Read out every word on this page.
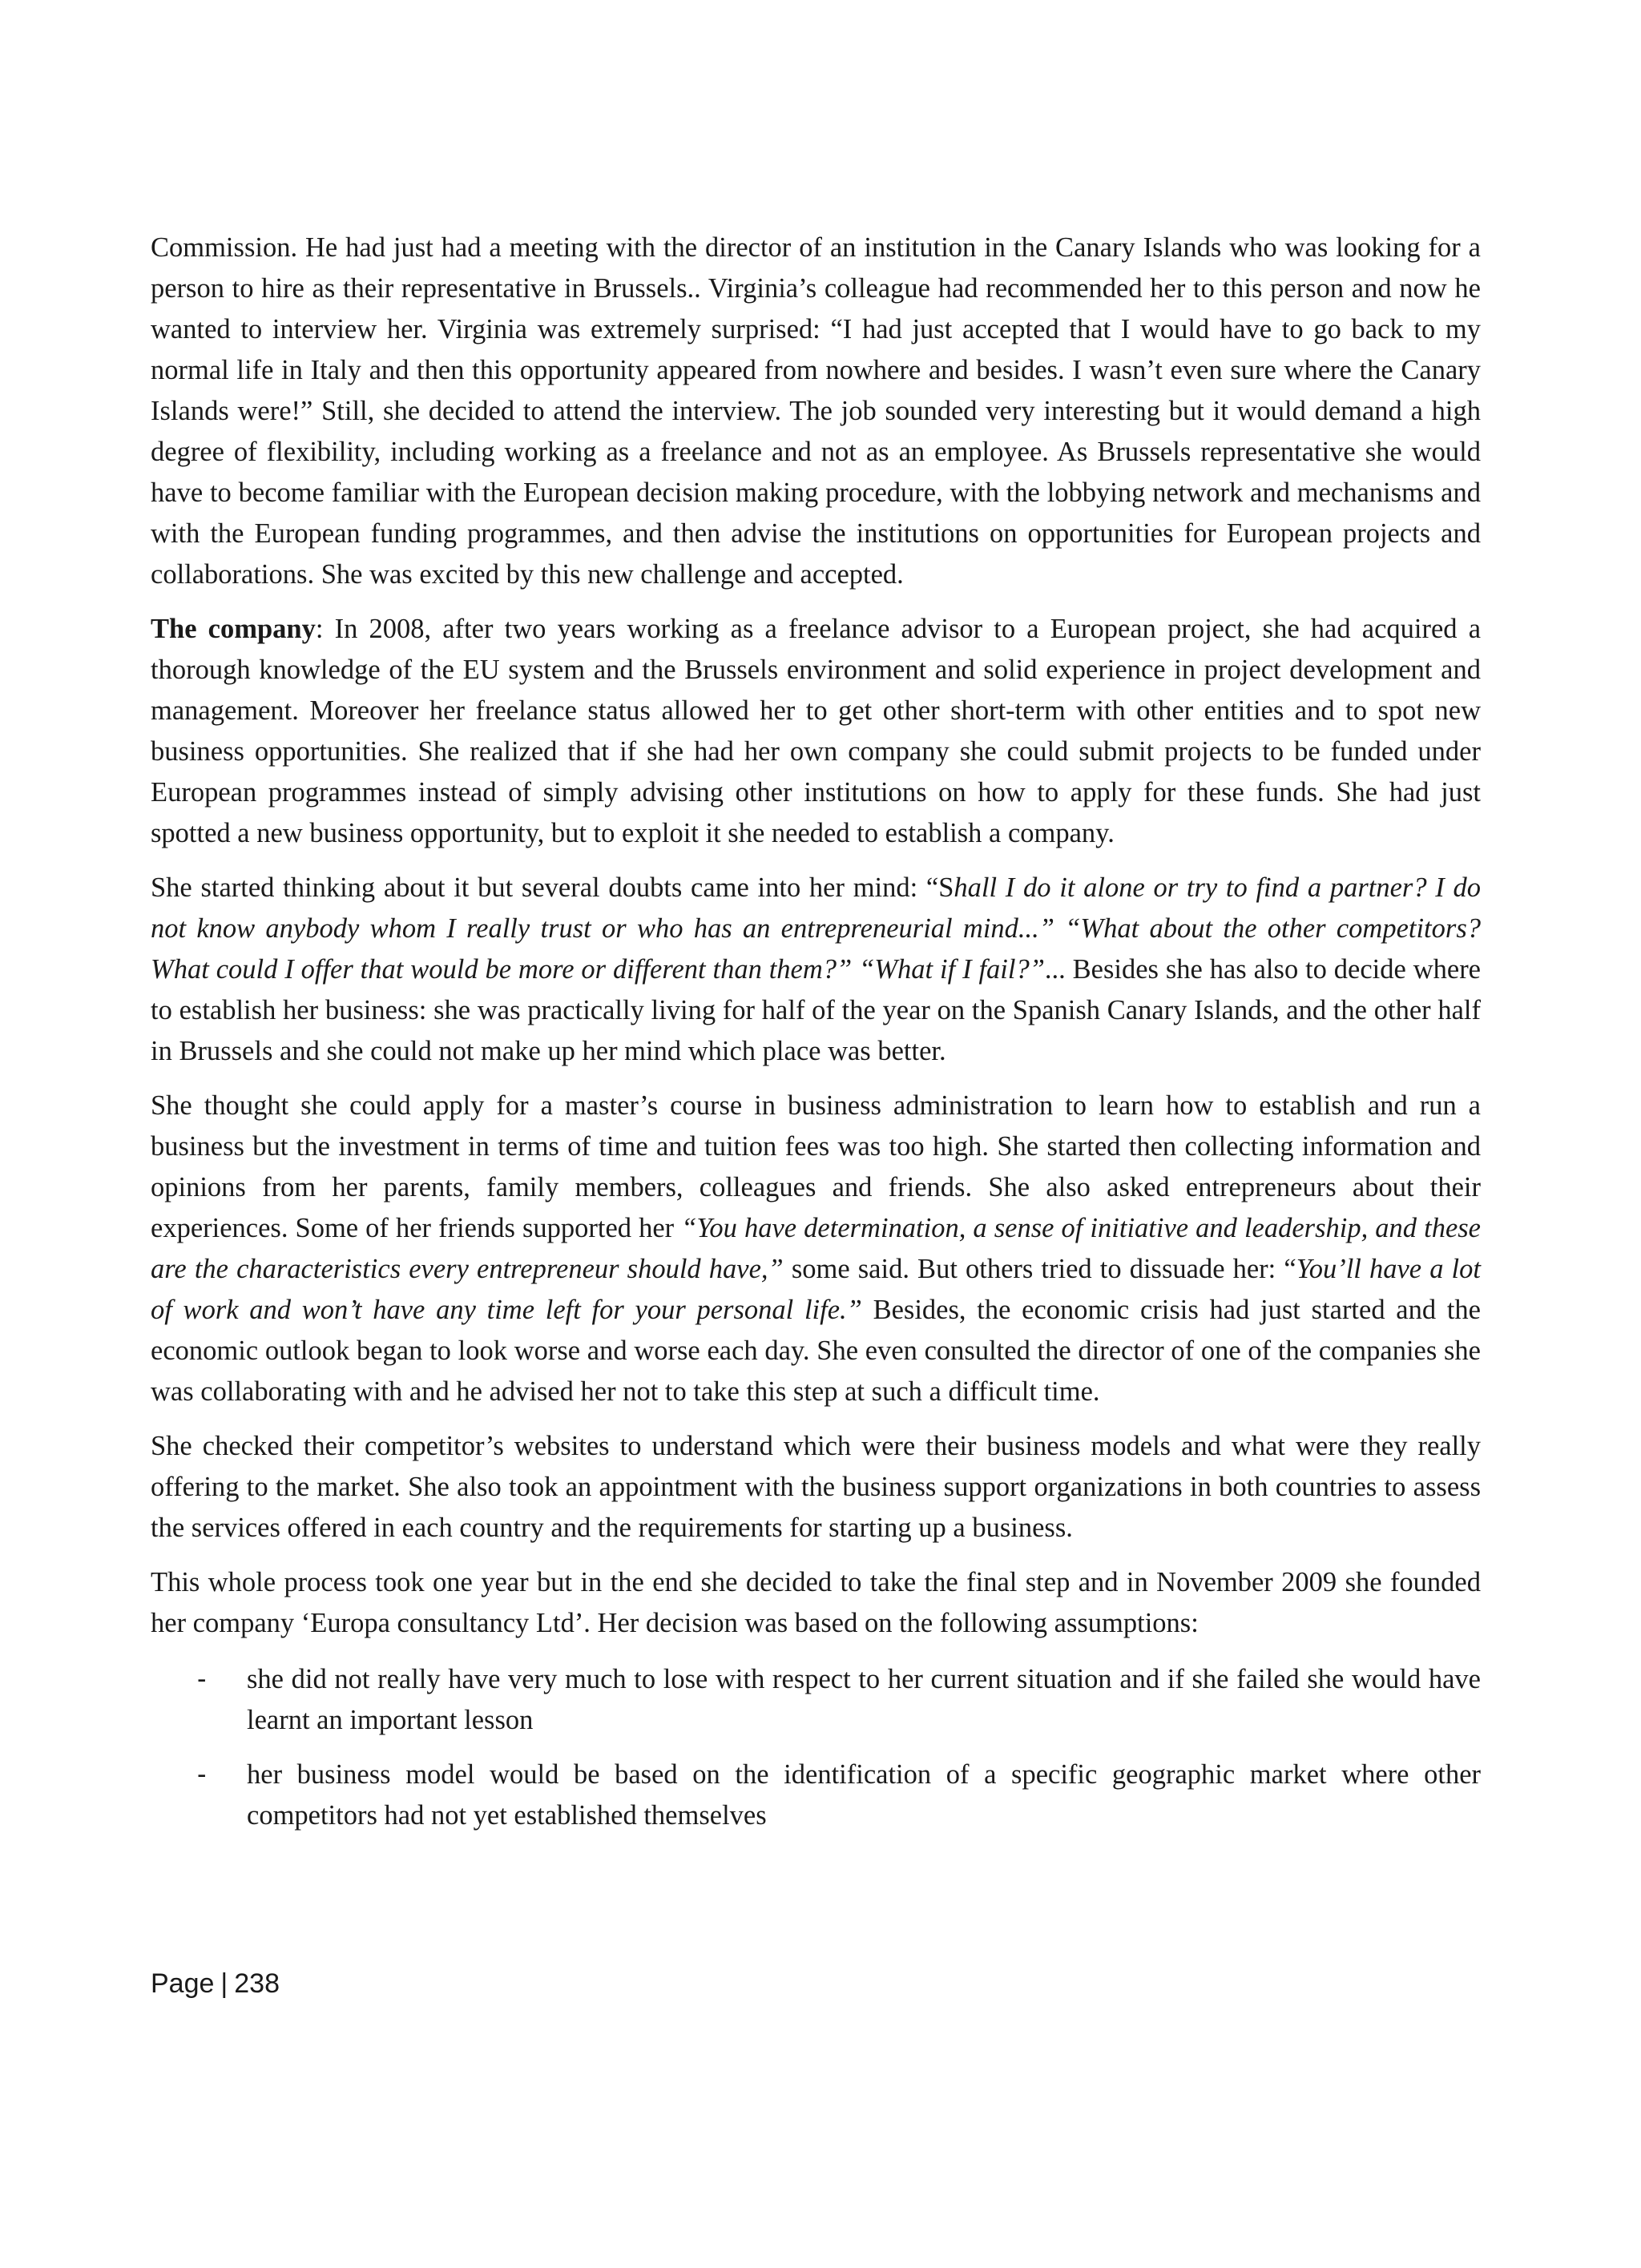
Commission. He had just had a meeting with the director of an institution in the Canary Islands who was looking for a person to hire as their representative in Brussels.. Virginia’s colleague had recommended her to this person and now he wanted to interview her. Virginia was extremely surprised: “I had just accepted that I would have to go back to my normal life in Italy and then this opportunity appeared from nowhere and besides. I wasn’t even sure where the Canary Islands were!” Still, she decided to attend the interview. The job sounded very interesting but it would demand a high degree of flexibility, including working as a freelance and not as an employee. As Brussels representative she would have to become familiar with the European decision making procedure, with the lobbying network and mechanisms and with the European funding programmes, and then advise the institutions on opportunities for European projects and collaborations. She was excited by this new challenge and accepted.

The company: In 2008, after two years working as a freelance advisor to a European project, she had acquired a thorough knowledge of the EU system and the Brussels environment and solid experience in project development and management. Moreover her freelance status allowed her to get other short-term with other entities and to spot new business opportunities. She realized that if she had her own company she could submit projects to be funded under European programmes instead of simply advising other institutions on how to apply for these funds. She had just spotted a new business opportunity, but to exploit it she needed to establish a company.

She started thinking about it but several doubts came into her mind: “Shall I do it alone or try to find a partner? I do not know anybody whom I really trust or who has an entrepreneurial mind...” “What about the other competitors? What could I offer that would be more or different than them?” “What if I fail?”... Besides she has also to decide where to establish her business: she was practically living for half of the year on the Spanish Canary Islands, and the other half in Brussels and she could not make up her mind which place was better.

She thought she could apply for a master’s course in business administration to learn how to establish and run a business but the investment in terms of time and tuition fees was too high. She started then collecting information and opinions from her parents, family members, colleagues and friends. She also asked entrepreneurs about their experiences. Some of her friends supported her “You have determination, a sense of initiative and leadership, and these are the characteristics every entrepreneur should have,” some said. But others tried to dissuade her: “You’ll have a lot of work and won’t have any time left for your personal life.” Besides, the economic crisis had just started and the economic outlook began to look worse and worse each day. She even consulted the director of one of the companies she was collaborating with and he advised her not to take this step at such a difficult time.

She checked their competitor’s websites to understand which were their business models and what were they really offering to the market. She also took an appointment with the business support organizations in both countries to assess the services offered in each country and the requirements for starting up a business.

This whole process took one year but in the end she decided to take the final step and in November 2009 she founded her company ‘Europa consultancy Ltd’. Her decision was based on the following assumptions:

- she did not really have very much to lose with respect to her current situation and if she failed she would have learnt an important lesson
- her business model would be based on the identification of a specific geographic market where other competitors had not yet established themselves
Page | 238
